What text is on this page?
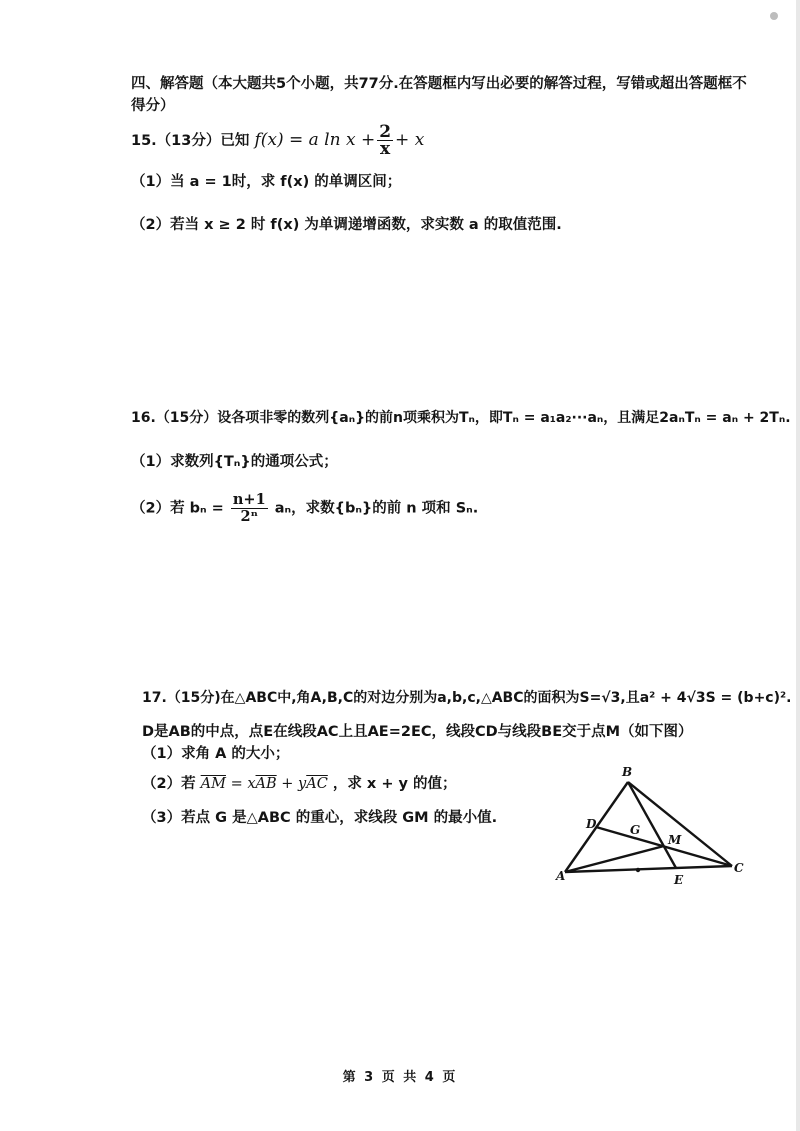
四、解答题（本大题共5个小题，共77分.在答题框内写出必要的解答过程，写错或超出答题框不
得分）
15.（13分）已知 f(x) = a $\ln x + \frac{2}{x} + x$
（1）当 a = 1时，求 f(x) 的单调区间；
（2）若当 x ≥ 2 时 f(x) 为单调递增函数，求实数 a 的取值范围.
16.（15分）设各项非零的数列{aₙ}的前n项乘积为Tₙ，即Tₙ = a₁a₂···aₙ，且满足2aₙTₙ = aₙ + 2Tₙ.
（1）求数列{Tₙ}的通项公式；
（2）若 $b_n = \frac{n+1}{\text{2ⁿ}}$ aₙ，求数{bₙ}的前 n 项和 Sₙ.
17.（15分)在△ABC中,角A,B,C的对边分别为a,b,c,△ABC的面积为S=√3,且a² + 4√3S = (b+c)².
D是AB的中点，点E在线段AC上且AE=2EC，线段CD与线段BE交于点M（如下图）
（1）求角 A 的大小；
（2）若 $\overline{AM} = x\overline{AB} + y\overline{AC}$ ，求 x + y 的值；
（3）若点 G 是△ABC 的重心，求线段 GM 的最小值.
B
D	G
M
A	E
C
第 3 页 共 4 页
